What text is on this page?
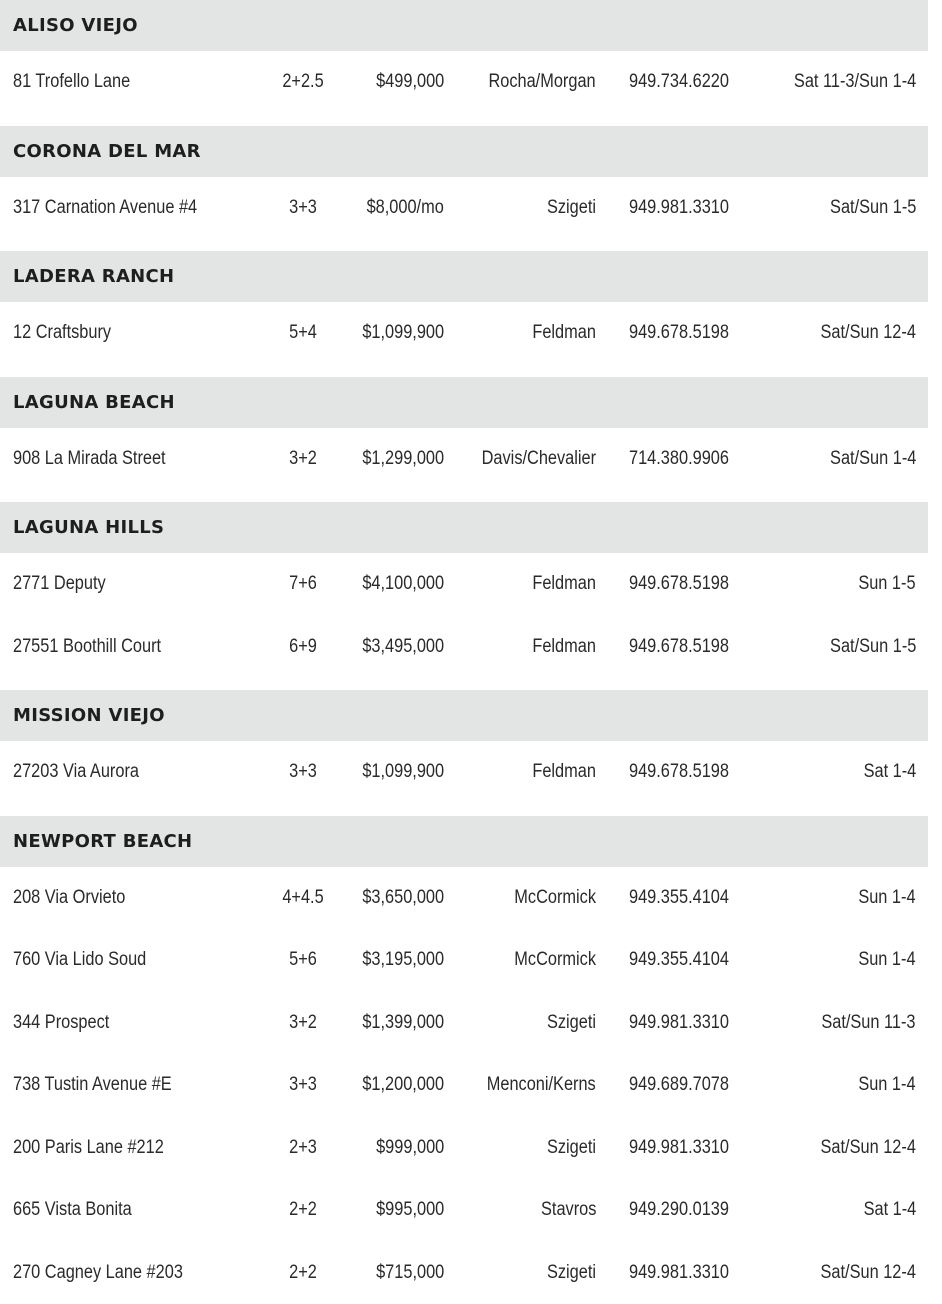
ALISO VIEJO
81 Trofello Lane	2+2.5	$499,000 Rocha/Morgan 949.734.6220	Sat 11-3/Sun 1-4
CORONA DEL MAR
317 Carnation Avenue #4	3+3	$8,000/mo	Szigeti 949.981.3310	Sat/Sun 1-5
LADERA RANCH
12 Craftsbury	5+4	$1,099,900	Feldman 949.678.5198	Sat/Sun 12-4
LAGUNA BEACH
908 La Mirada Street	3+2	$1,299,000 Davis/Chevalier 714.380.9906	Sat/Sun 1-4
LAGUNA HILLS
2771 Deputy	7+6	$4,100,000	Feldman 949.678.5198	Sun 1-5
27551 Boothill Court	6+9	$3,495,000	Feldman 949.678.5198	Sat/Sun 1-5
MISSION VIEJO
27203 Via Aurora	3+3	$1,099,900	Feldman 949.678.5198	Sat 1-4
NEWPORT BEACH
208 Via Orvieto	4+4.5 $3,650,000	McCormick 949.355.4104	Sun 1-4
760 Via Lido Soud	5+6	$3,195,000	McCormick 949.355.4104	Sun 1-4
344 Prospect	3+2	$1,399,000	Szigeti 949.981.3310	Sat/Sun 11-3
738 Tustin Avenue #E	3+3	$1,200,000 Menconi/Kerns 949.689.7078	Sun 1-4
200 Paris Lane #212	2+3	$999,000	Szigeti 949.981.3310	Sat/Sun 12-4
665 Vista Bonita	2+2	$995,000	Stavros 949.290.0139	Sat 1-4
270 Cagney Lane #203	2+2	$715,000	Szigeti 949.981.3310	Sat/Sun 12-4
